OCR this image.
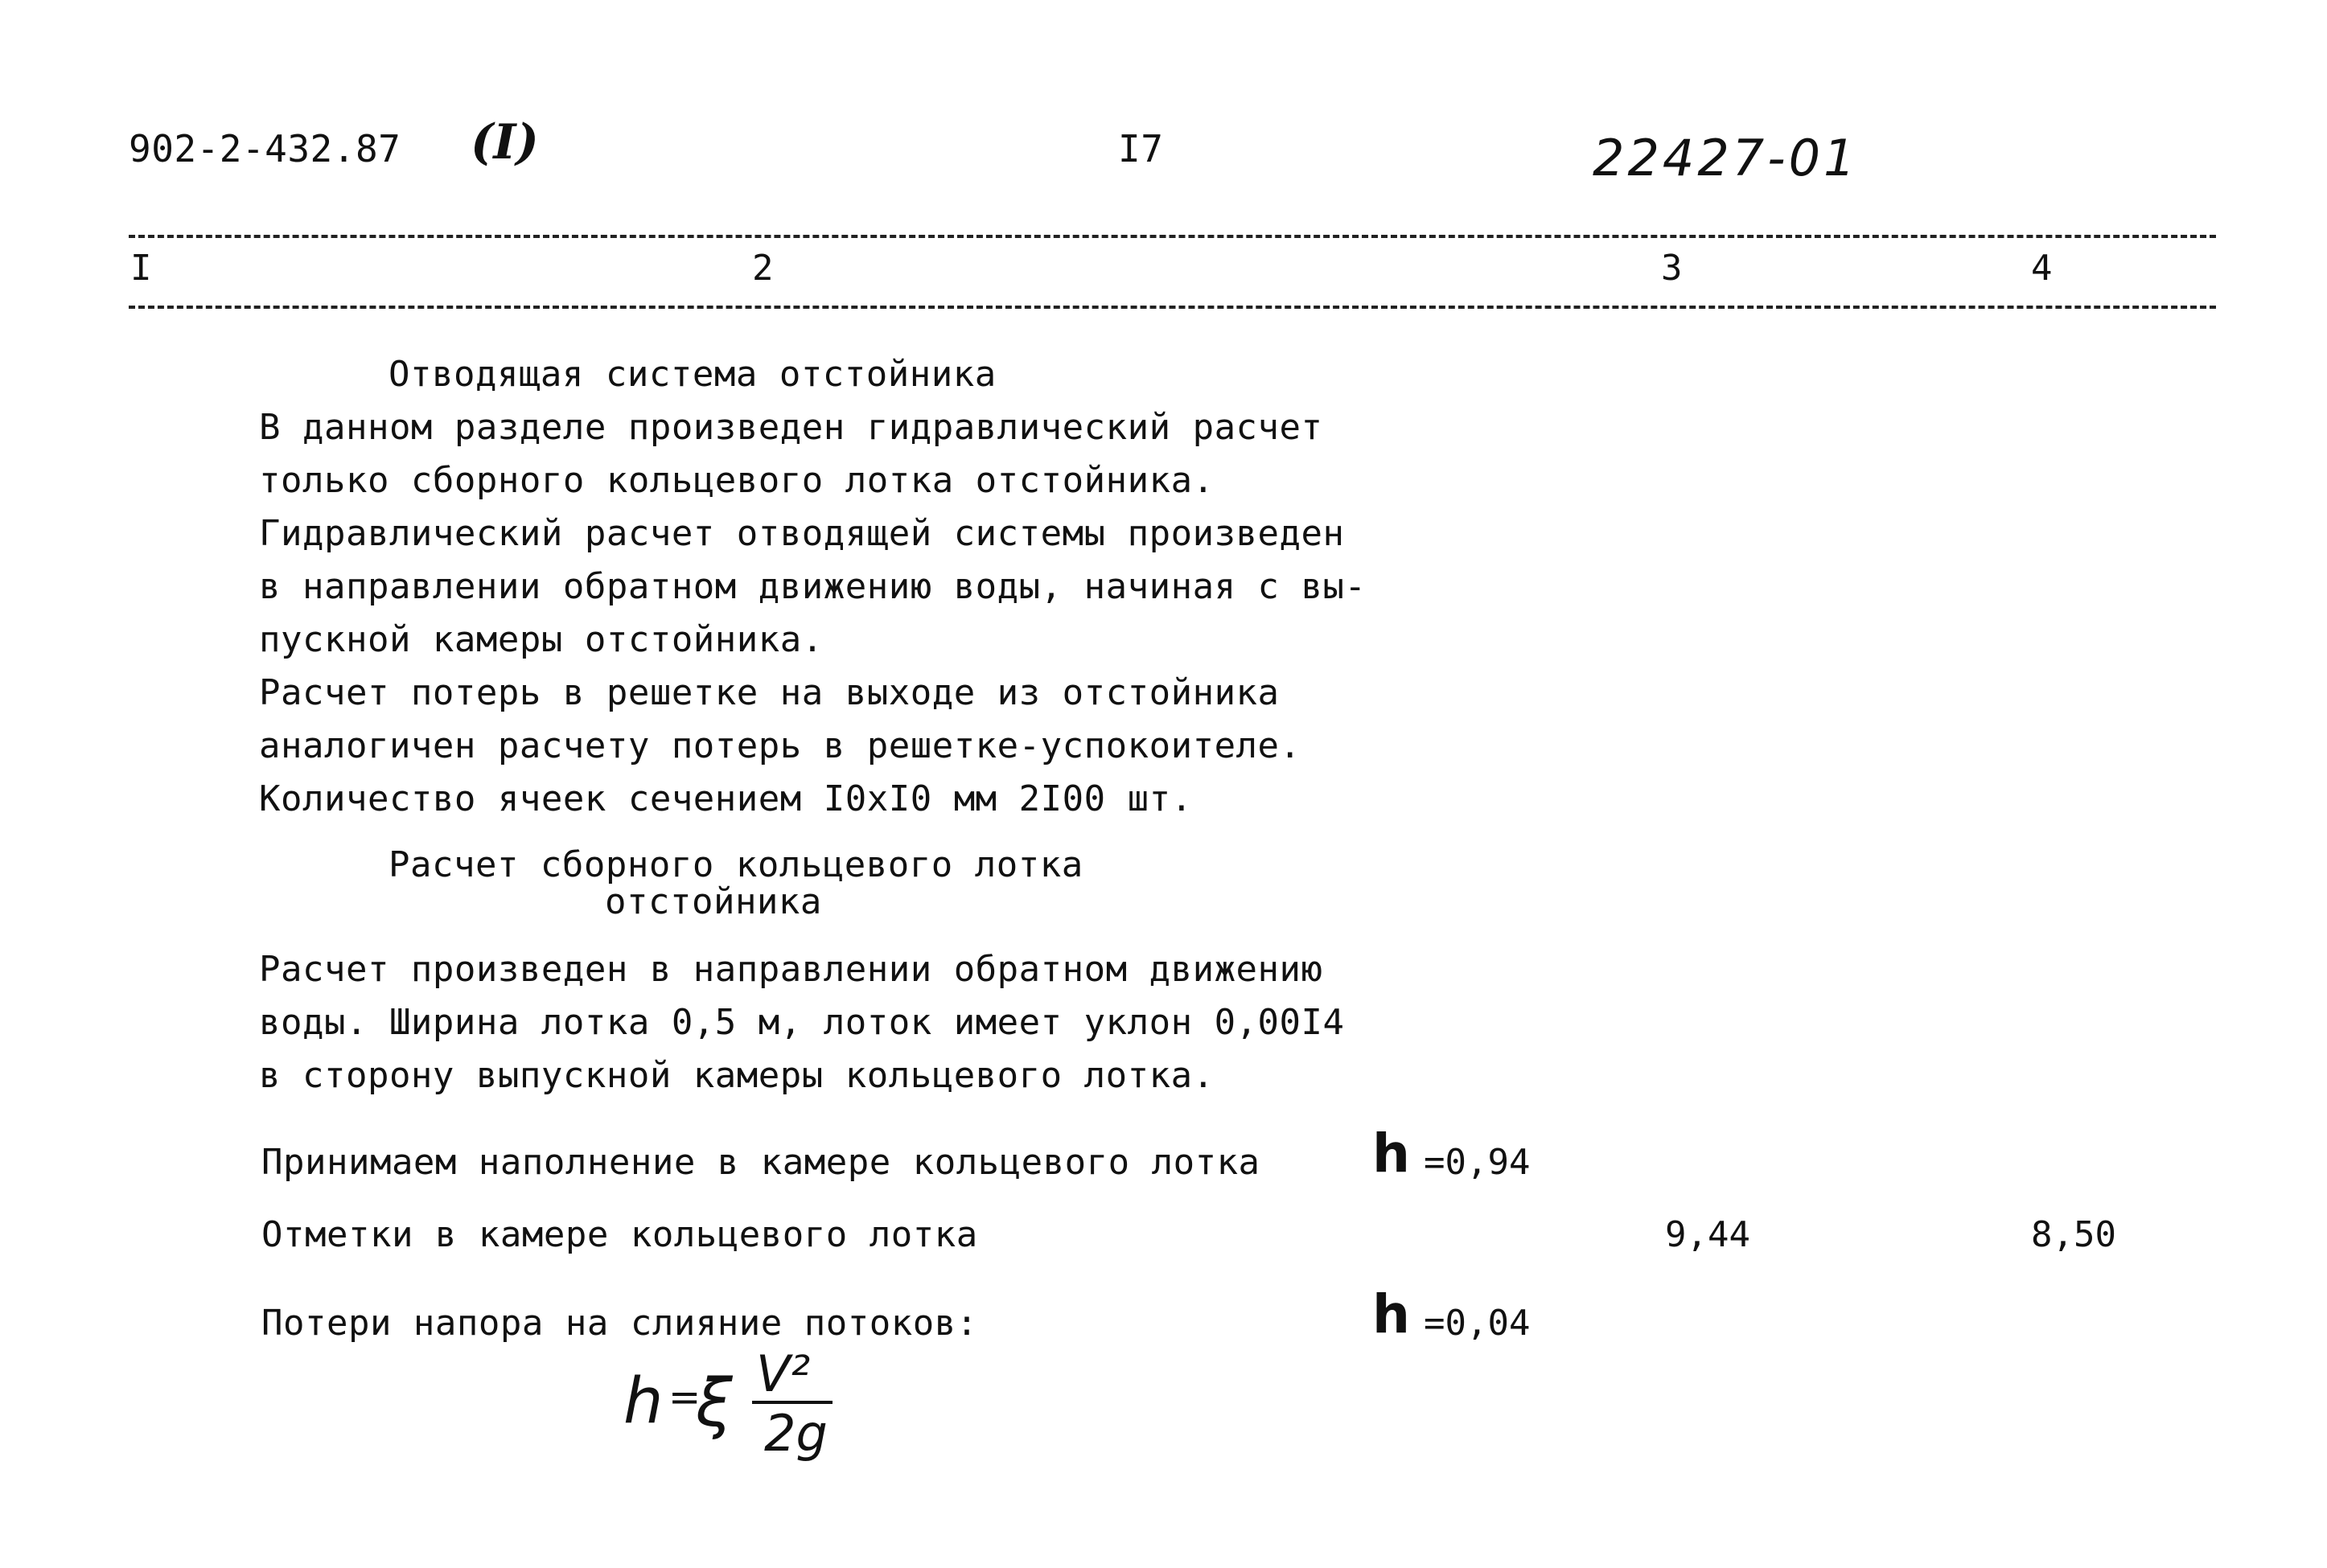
902-2-432.87 (I)	I7	22427-01
I	2	3	4
Отводящая система отстойника
В данном разделе произведен гидравлический расчет
только сборного кольцевого лотка отстойника.
Гидравлический расчет отводящей системы произведен
в направлении обратном движению воды, начиная с вы-
пускной камеры отстойника.
Расчет потерь в решетке на выходе из отстойника
аналогичен расчету потерь в решетке-успокоителе.
Количество ячеек сечением I0xI0 мм 2I00 шт.
Расчет сборного кольцевого лотка
отстойника
Расчет произведен в направлении обратном движению
воды. Ширина лотка 0,5 м, лоток имеет уклон 0,00I4
в сторону выпускной камеры кольцевого лотка.
Принимаем наполнение в камере кольцевого лотка h =0,94
Отметки в камере кольцевого лотка	9,44	8,50
Потери напора на слияние потоков:	h =0,04
h =
ξ V²
2g
